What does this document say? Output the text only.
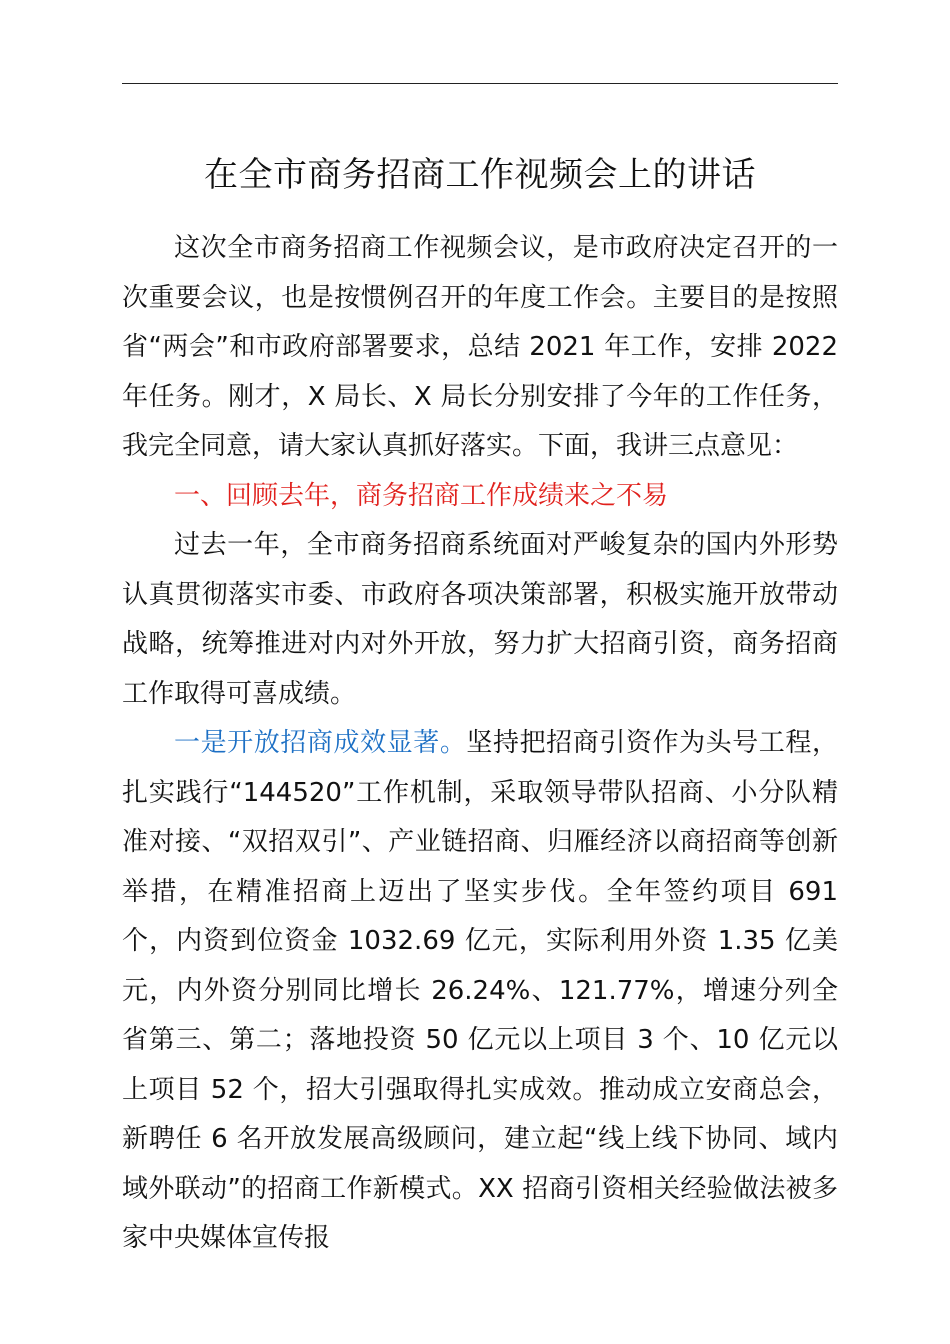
在全市商务招商工作视频会上的讲话

这次全市商务招商工作视频会议，是市政府决定召开的一次重要会议，也是按惯例召开的年度工作会。主要目的是按照省“两会”和市政府部署要求，总结 2021 年工作，安排 2022 年任务。刚才，X 局长、X 局长分别安排了今年的工作任务，我完全同意，请大家认真抓好落实。下面，我讲三点意见：

一、回顾去年，商务招商工作成绩来之不易

过去一年，全市商务招商系统面对严峻复杂的国内外形势认真贯彻落实市委、市政府各项决策部署，积极实施开放带动战略，统筹推进对内对外开放，努力扩大招商引资，商务招商工作取得可喜成绩。

一是开放招商成效显著。坚持把招商引资作为头号工程，扎实践行“144520”工作机制，采取领导带队招商、小分队精准对接、“双招双引”、产业链招商、归雁经济以商招商等创新举措，在精准招商上迈出了坚实步伐。全年签约项目 691 个，内资到位资金 1032.69 亿元，实际利用外资 1.35 亿美元，内外资分别同比增长 26.24%、121.77%，增速分列全省第三、第二；落地投资 50 亿元以上项目 3 个、10 亿元以上项目 52 个，招大引强取得扎实成效。推动成立安商总会，新聘任 6 名开放发展高级顾问，建立起“线上线下协同、域内域外联动”的招商工作新模式。XX 招商引资相关经验做法被多家中央媒体宣传报
